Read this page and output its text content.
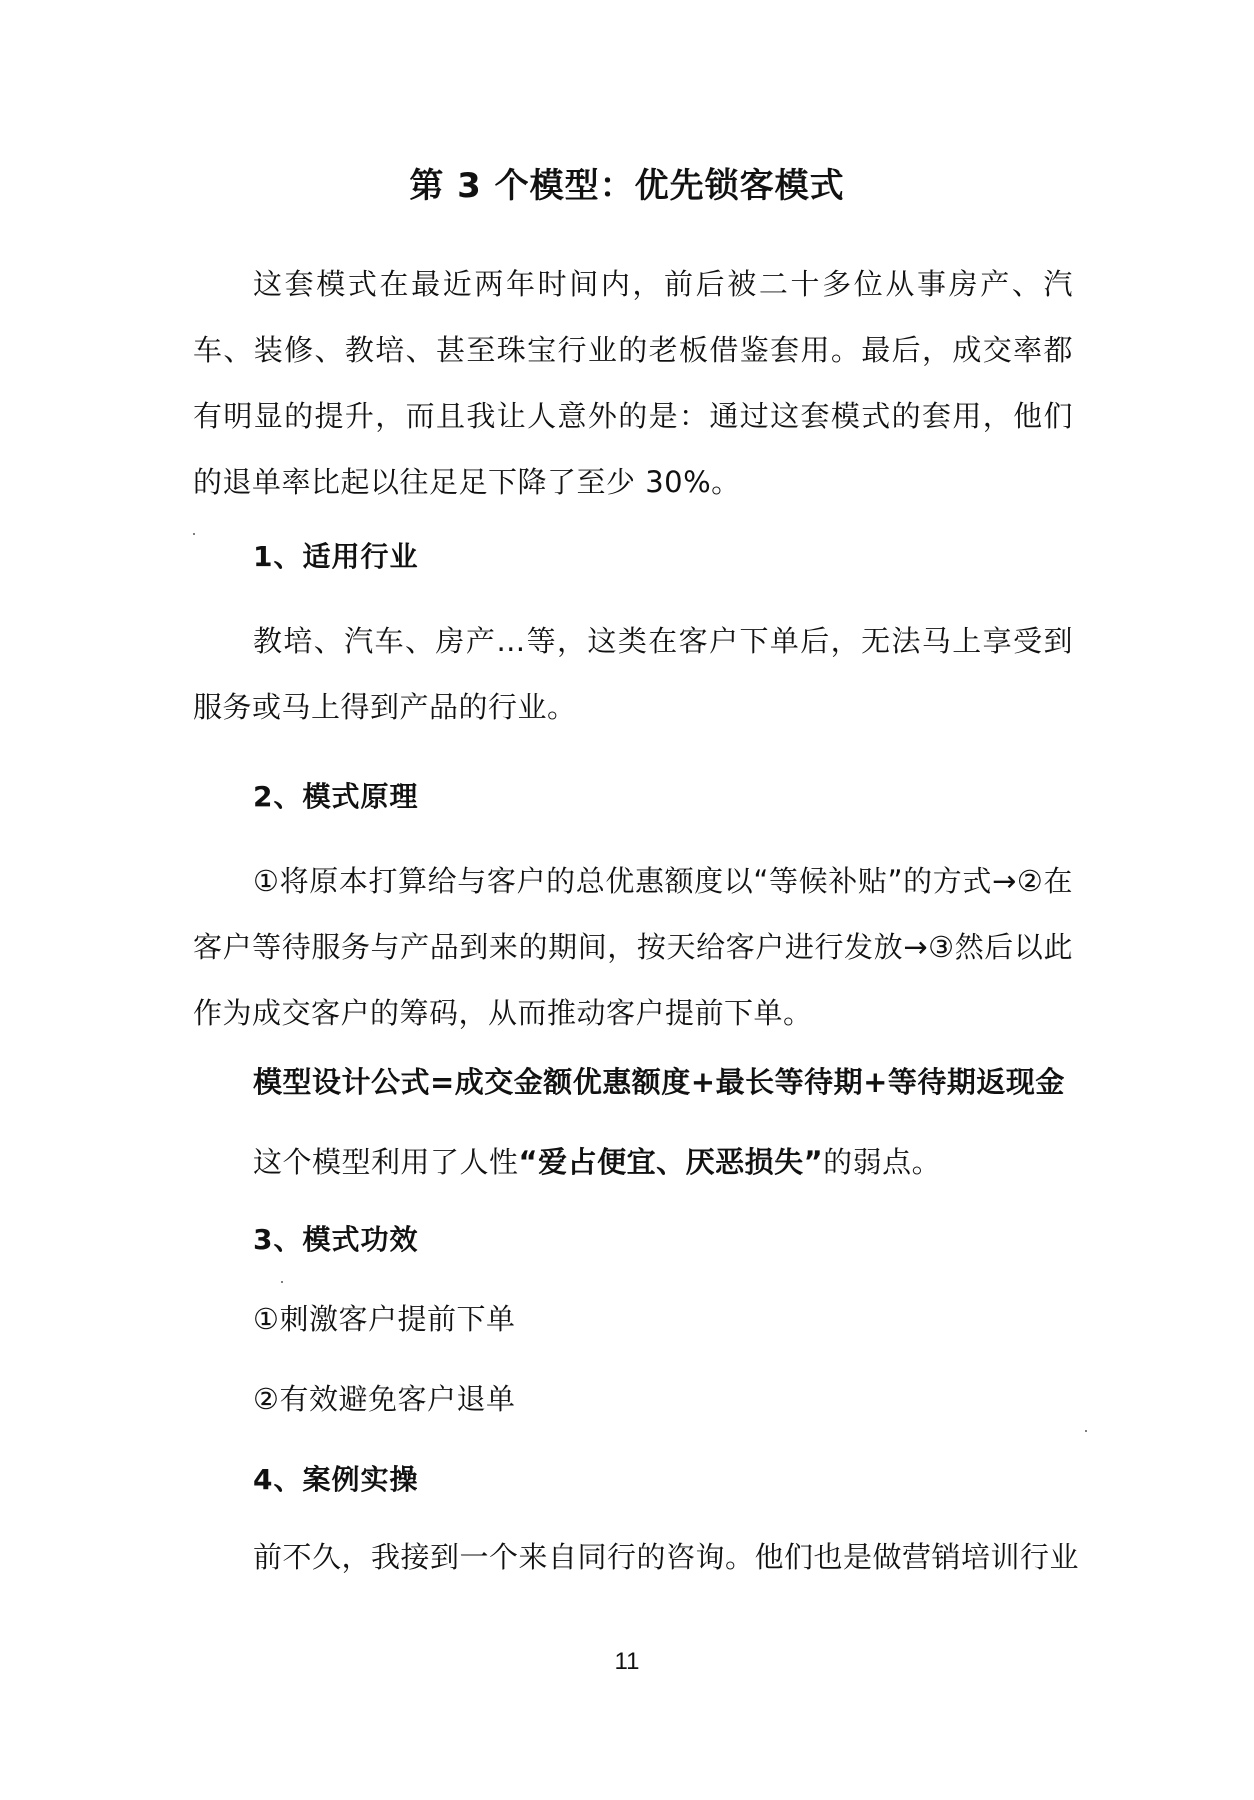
第 3 个模型：优先锁客模式
这套模式在最近两年时间内，前后被二十多位从事房产、汽车、装修、教培、甚至珠宝行业的老板借鉴套用。最后，成交率都有明显的提升，而且我让人意外的是：通过这套模式的套用，他们的退单率比起以往足足下降了至少 30%。
1、适用行业
教培、汽车、房产…等，这类在客户下单后，无法马上享受到服务或马上得到产品的行业。
2、模式原理
①将原本打算给与客户的总优惠额度以“等候补贴”的方式→②在客户等待服务与产品到来的期间，按天给客户进行发放→③然后以此作为成交客户的筹码，从而推动客户提前下单。
模型设计公式=成交金额优惠额度+最长等待期+等待期返现金
这个模型利用了人性“爱占便宜、厌恶损失”的弱点。
3、模式功效
①刺激客户提前下单
②有效避免客户退单
4、案例实操
前不久，我接到一个来自同行的咨询。他们也是做营销培训行业
11
